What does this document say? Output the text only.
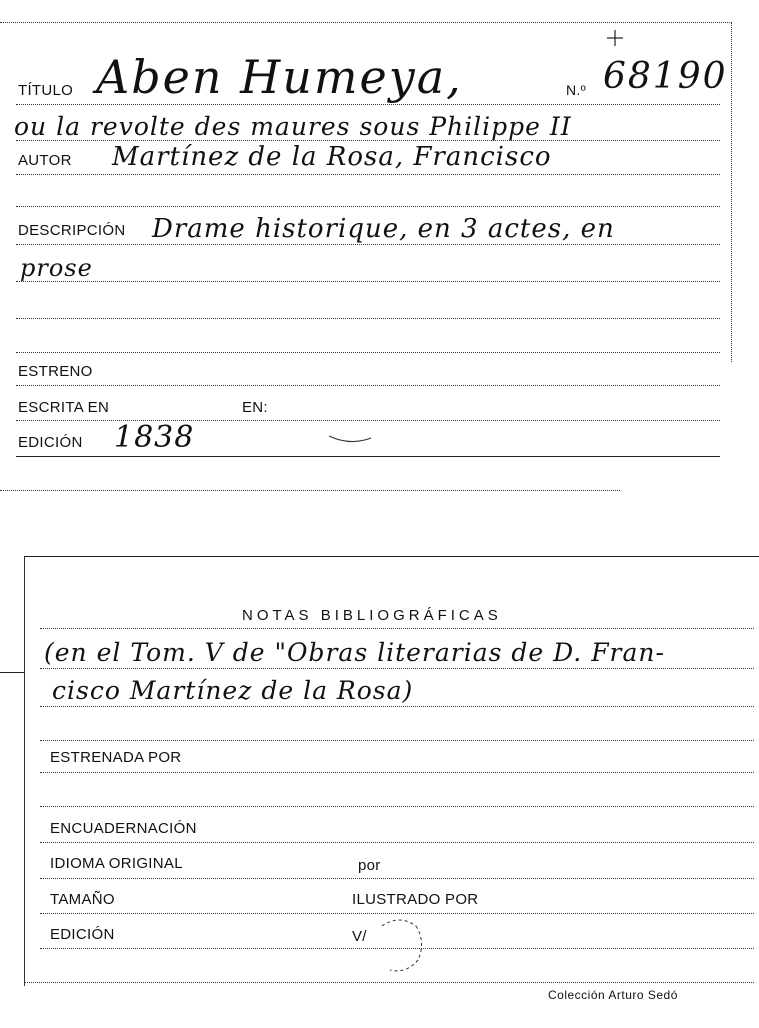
TÍTULO Aben Humeya,	N.º 68190
ou la revolte des maures sous Philippe II
AUTOR Martínez de la Rosa, Francisco
DESCRIPCIÓN Drame historique, en 3 actes, en
prose
ESTRENO
ESCRITA EN	EN:
EDICIÓN 1838
NOTAS BIBLIOGRÁFICAS
(en el Tom. V de "Obras literarias de D. Fran-
cisco Martínez de la Rosa)
ESTRENADA POR
ENCUADERNACIÓN
IDIOMA ORIGINAL	por
TAMAÑO	ILUSTRADO POR
EDICIÓN	V/
Colección Arturo Sedó
